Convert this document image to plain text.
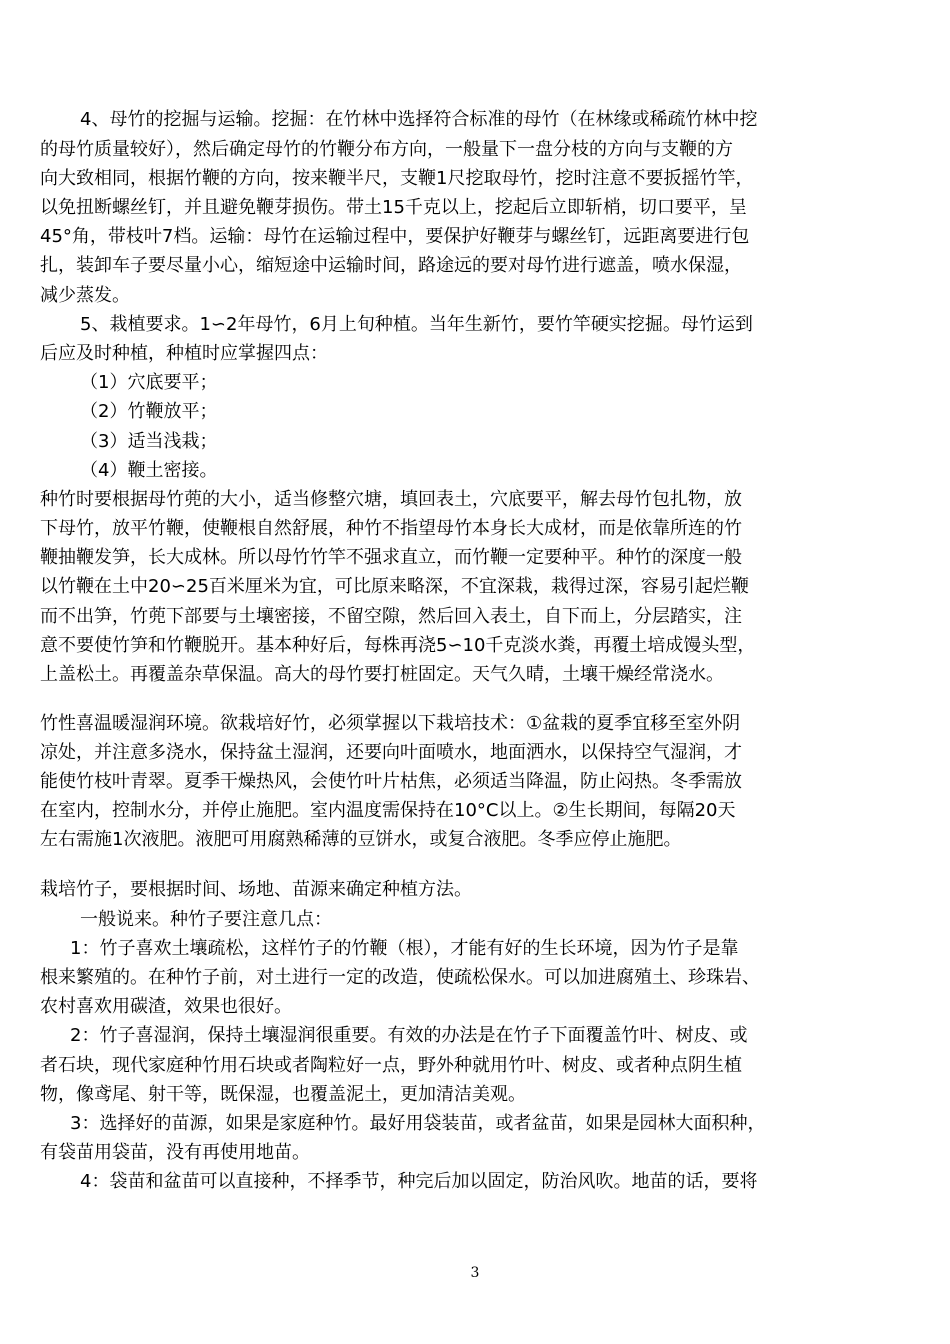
4、母竹的挖掘与运输。挖掘：在竹林中选择符合标准的母竹（在林缘或稀疏竹林中挖
的母竹质量较好），然后确定母竹的竹鞭分布方向，一般量下一盘分枝的方向与支鞭的方
向大致相同，根据竹鞭的方向，按来鞭半尺，支鞭1尺挖取母竹，挖时注意不要扳摇竹竿，
以免扭断螺丝钉，并且避免鞭芽损伤。带土15千克以上，挖起后立即斩梢，切口要平，呈
45°角，带枝叶7档。运输：母竹在运输过程中，要保护好鞭芽与螺丝钉，远距离要进行包
扎，装卸车子要尽量小心，缩短途中运输时间，路途远的要对母竹进行遮盖，喷水保湿，
减少蒸发。
5、栽植要求。1∽2年母竹，6月上旬种植。当年生新竹，要竹竿硬实挖掘。母竹运到
后应及时种植，种植时应掌握四点：
（1）穴底要平；
（2）竹鞭放平；
（3）适当浅栽；
（4）鞭土密接。
种竹时要根据母竹蔸的大小，适当修整穴塘，填回表土，穴底要平，解去母竹包扎物，放
下母竹，放平竹鞭，使鞭根自然舒展，种竹不指望母竹本身长大成材，而是依靠所连的竹
鞭抽鞭发笋，长大成林。所以母竹竹竿不强求直立，而竹鞭一定要种平。种竹的深度一般
以竹鞭在土中20∽25百米厘米为宜，可比原来略深，不宜深栽，栽得过深，容易引起烂鞭
而不出笋，竹蔸下部要与土壤密接，不留空隙，然后回入表土，自下而上，分层踏实，注
意不要使竹笋和竹鞭脱开。基本种好后，每株再浇5∽10千克淡水粪，再覆土培成馒头型，
上盖松土。再覆盖杂草保温。高大的母竹要打桩固定。天气久晴，土壤干燥经常浇水。
竹性喜温暖湿润环境。欲栽培好竹，必须掌握以下栽培技术：①盆栽的夏季宜移至室外阴
凉处，并注意多浇水，保持盆土湿润，还要向叶面喷水，地面洒水，以保持空气湿润，才
能使竹枝叶青翠。夏季干燥热风，会使竹叶片枯焦，必须适当降温，防止闷热。冬季需放
在室内，控制水分，并停止施肥。室内温度需保持在10°C以上。②生长期间，每隔20天
左右需施1次液肥。液肥可用腐熟稀薄的豆饼水，或复合液肥。冬季应停止施肥。
栽培竹子，要根据时间、场地、苗源来确定种植方法。
一般说来。种竹子要注意几点：
1：竹子喜欢土壤疏松，这样竹子的竹鞭（根），才能有好的生长环境，因为竹子是靠
根来繁殖的。在种竹子前，对土进行一定的改造，使疏松保水。可以加进腐殖土、珍珠岩、
农村喜欢用碳渣，效果也很好。
2：竹子喜湿润，保持土壤湿润很重要。有效的办法是在竹子下面覆盖竹叶、树皮、或
者石块，现代家庭种竹用石块或者陶粒好一点，野外种就用竹叶、树皮、或者种点阴生植
物，像鸢尾、射干等，既保湿，也覆盖泥土，更加清洁美观。
3：选择好的苗源，如果是家庭种竹。最好用袋装苗，或者盆苗，如果是园林大面积种，
有袋苗用袋苗，没有再使用地苗。
4：袋苗和盆苗可以直接种，不择季节，种完后加以固定，防治风吹。地苗的话，要将
3
